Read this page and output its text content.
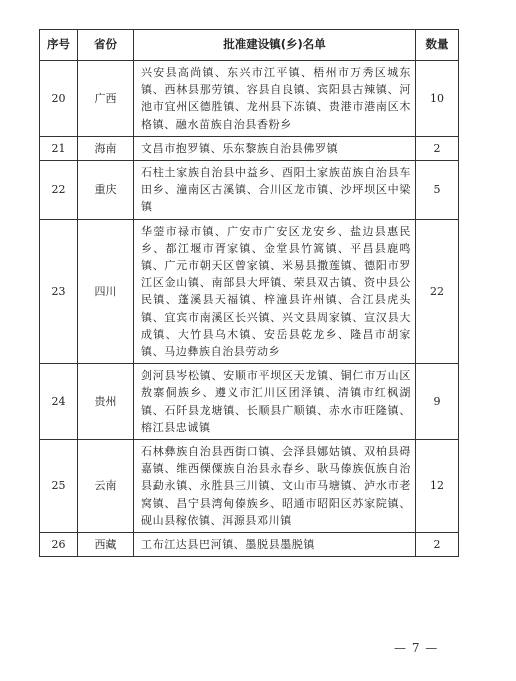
序号	省份	批准建设镇(乡)名单	数量
20	广西	兴安县高尚镇、东兴市江平镇、梧州市万秀区城东镇、西林县那劳镇、容县自良镇、宾阳县古辣镇、河池市宜州区德胜镇、龙州县下冻镇、贵港市港南区木格镇、融水苗族自治县香粉乡	10
21	海南	文昌市抱罗镇、乐东黎族自治县佛罗镇	2
22	重庆	石柱土家族自治县中益乡、酉阳土家族苗族自治县车田乡、潼南区古溪镇、合川区龙市镇、沙坪坝区中梁镇	5
23	四川	华蓥市禄市镇、广安市广安区龙安乡、盐边县惠民乡、都江堰市胥家镇、金堂县竹篙镇、平昌县鹿鸣镇、广元市朝天区曾家镇、米易县撒莲镇、德阳市罗江区金山镇、南部县大坪镇、荣县双古镇、资中县公民镇、蓬溪县天福镇、梓潼县许州镇、合江县虎头镇、宜宾市南溪区长兴镇、兴文县周家镇、宣汉县大成镇、大竹县乌木镇、安岳县乾龙乡、隆昌市胡家镇、马边彝族自治县劳动乡	22
24	贵州	剑河县岑松镇、安顺市平坝区天龙镇、铜仁市万山区敖寨侗族乡、遵义市汇川区团泽镇、清镇市红枫湖镇、石阡县龙塘镇、长顺县广顺镇、赤水市旺隆镇、榕江县忠诚镇	9
25	云南	石林彝族自治县西街口镇、会泽县娜姑镇、双柏县碍嘉镇、维西傈僳族自治县永春乡、耿马傣族佤族自治县勐永镇、永胜县三川镇、文山市马塘镇、泸水市老窝镇、昌宁县湾甸傣族乡、昭通市昭阳区苏家院镇、砚山县稼依镇、洱源县邓川镇	12
26	西藏	工布江达县巴河镇、墨脱县墨脱镇	2
— 7 —
